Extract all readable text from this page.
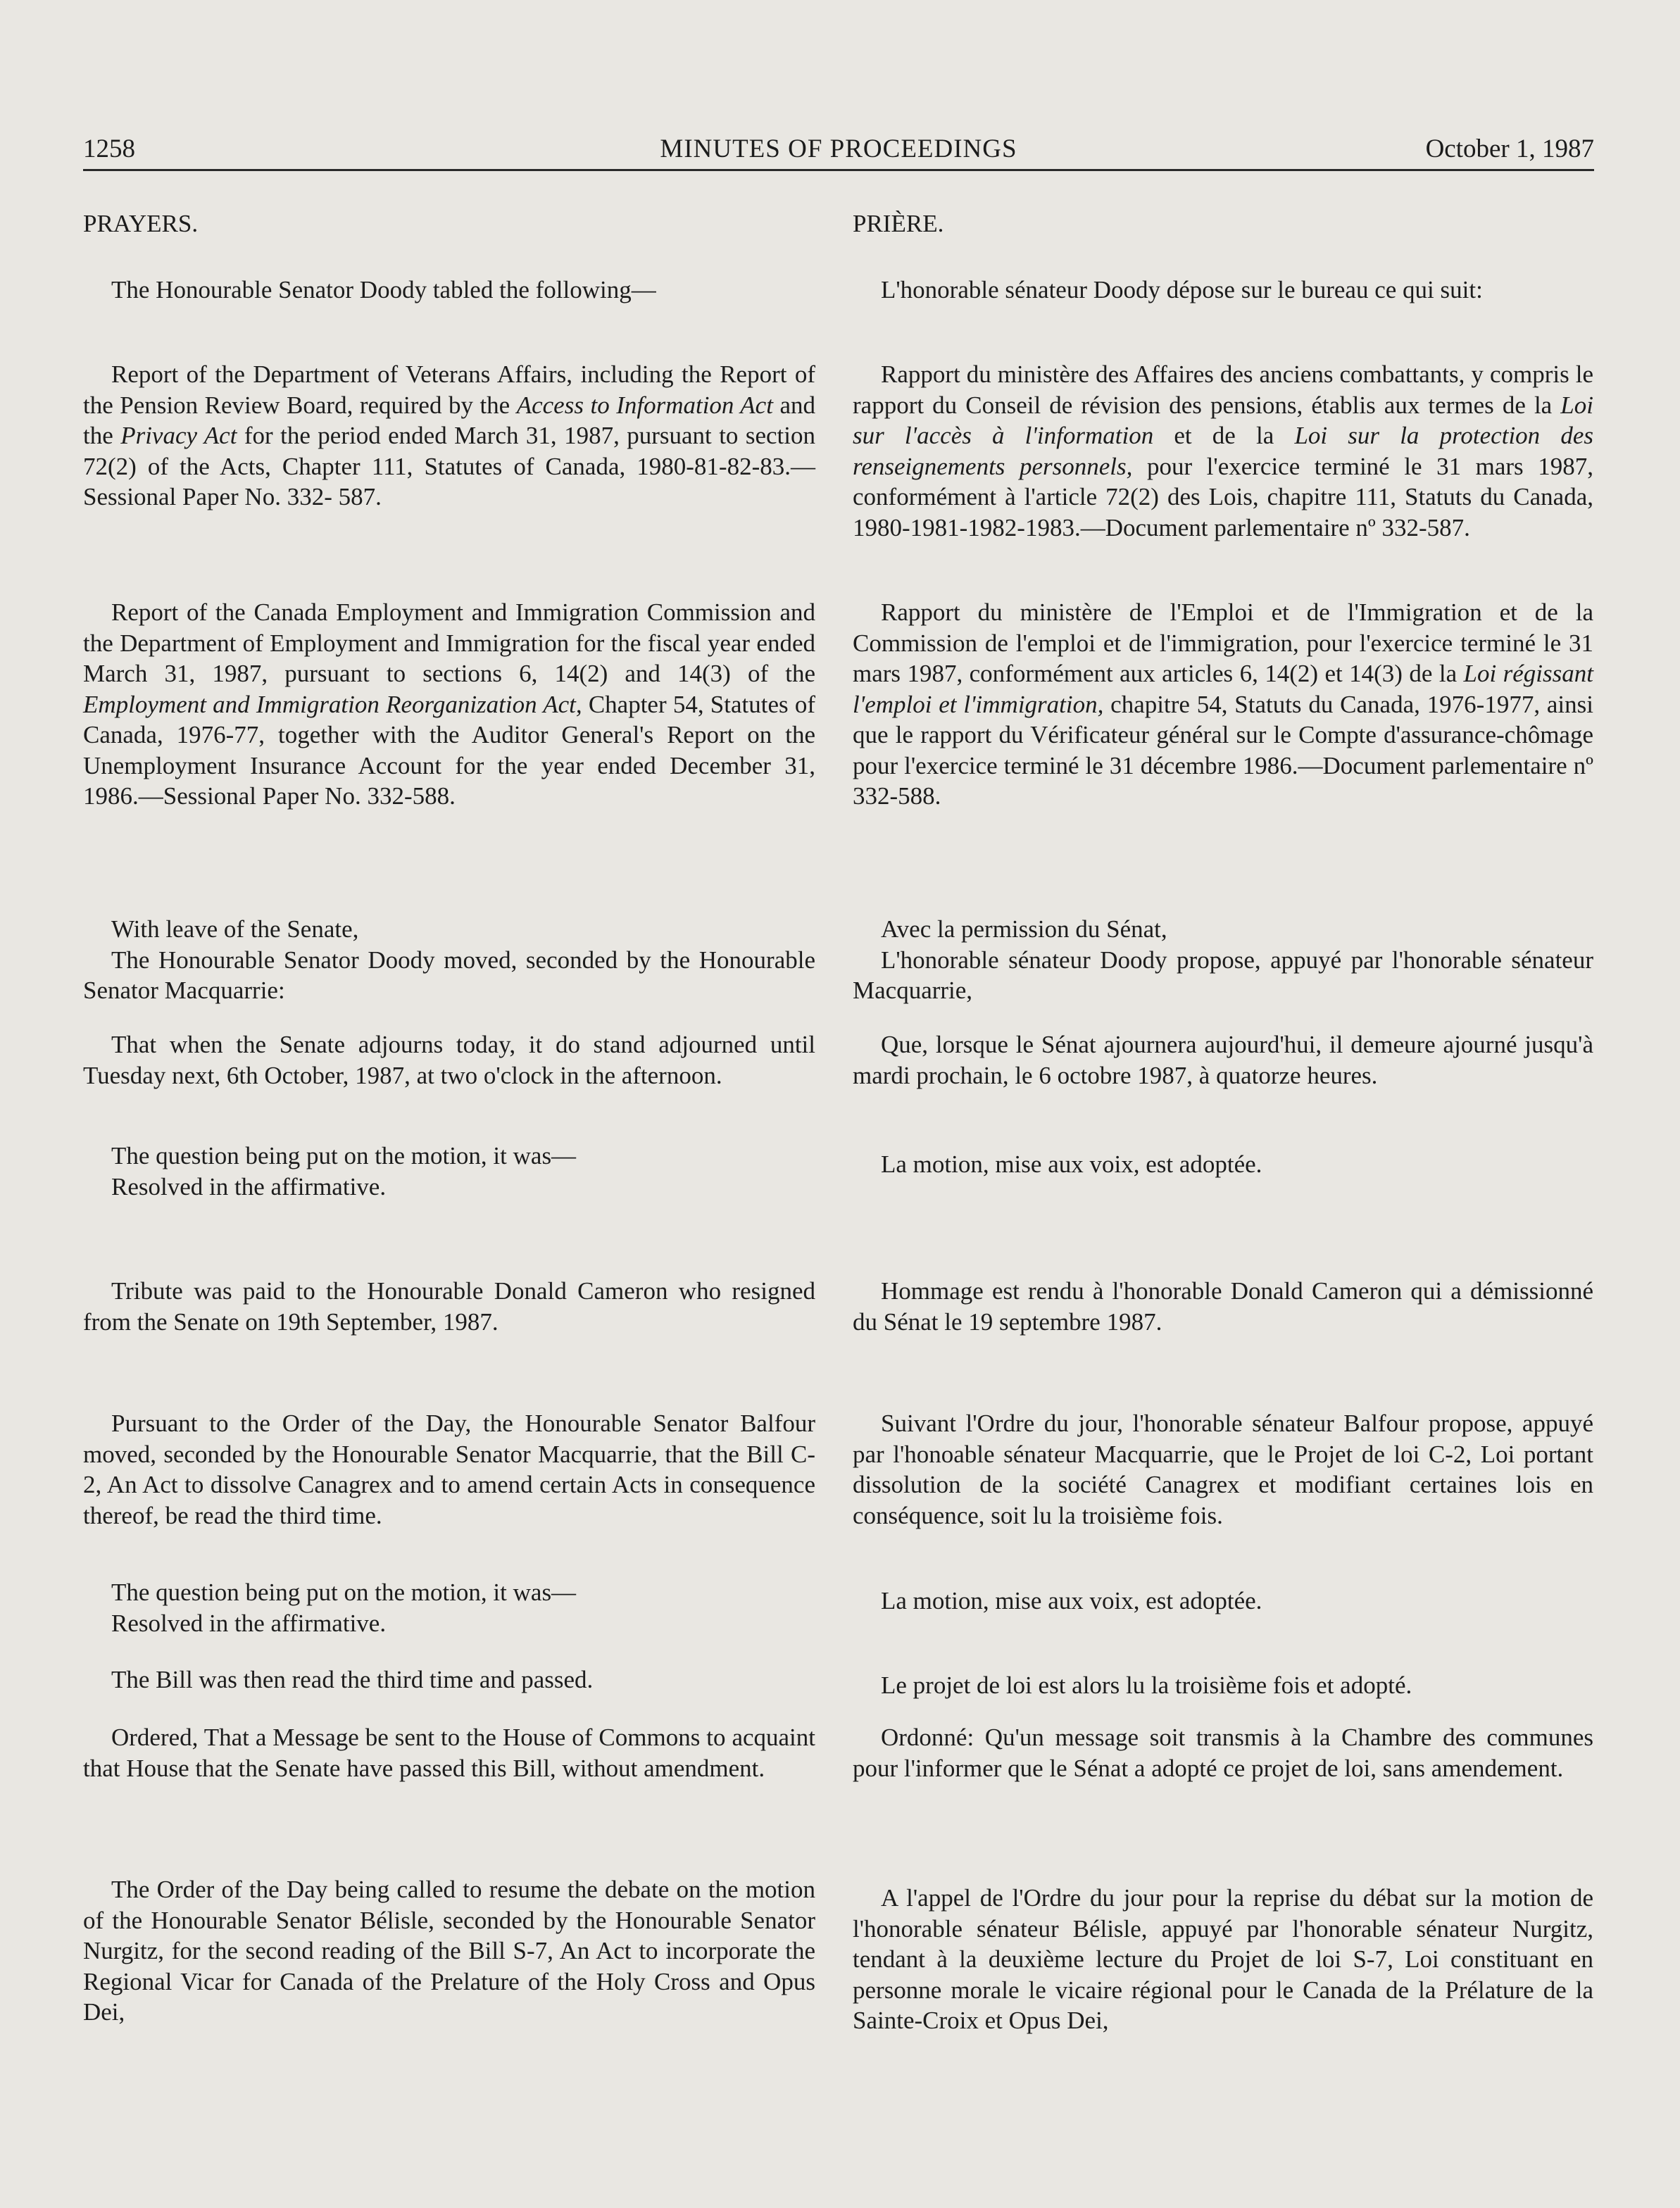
1258	MINUTES OF PROCEEDINGS	October 1, 1987

PRAYERS.

The Honourable Senator Doody tabled the following—

Report of the Department of Veterans Affairs, including the Report of the Pension Review Board, required by the Access to Information Act and the Privacy Act for the period ended March 31, 1987, pursuant to section 72(2) of the Acts, Chapter 111, Statutes of Canada, 1980-81-82-83.—Sessional Paper No. 332- 587.

Report of the Canada Employment and Immigration Commission and the Department of Employment and Immigration for the fiscal year ended March 31, 1987, pursuant to sections 6, 14(2) and 14(3) of the Employment and Immigration Reorganization Act, Chapter 54, Statutes of Canada, 1976-77, together with the Auditor General's Report on the Unemployment Insurance Account for the year ended December 31, 1986.—Sessional Paper No. 332-588.

With leave of the Senate,
The Honourable Senator Doody moved, seconded by the Honourable Senator Macquarrie:

That when the Senate adjourns today, it do stand adjourned until Tuesday next, 6th October, 1987, at two o'clock in the afternoon.

The question being put on the motion, it was—
Resolved in the affirmative.

Tribute was paid to the Honourable Donald Cameron who resigned from the Senate on 19th September, 1987.

Pursuant to the Order of the Day, the Honourable Senator Balfour moved, seconded by the Honourable Senator Macquarrie, that the Bill C-2, An Act to dissolve Canagrex and to amend certain Acts in consequence thereof, be read the third time.

The question being put on the motion, it was—
Resolved in the affirmative.

The Bill was then read the third time and passed.

Ordered, That a Message be sent to the House of Commons to acquaint that House that the Senate have passed this Bill, without amendment.

The Order of the Day being called to resume the debate on the motion of the Honourable Senator Bélisle, seconded by the Honourable Senator Nurgitz, for the second reading of the Bill S-7, An Act to incorporate the Regional Vicar for Canada of the Prelature of the Holy Cross and Opus Dei,

PRIÈRE.

L'honorable sénateur Doody dépose sur le bureau ce qui suit:

Rapport du ministère des Affaires des anciens combattants, y compris le rapport du Conseil de révision des pensions, établis aux termes de la Loi sur l'accès à l'information et de la Loi sur la protection des renseignements personnels, pour l'exercice terminé le 31 mars 1987, conformément à l'article 72(2) des Lois, chapitre 111, Statuts du Canada, 1980-1981-1982-1983.—Document parlementaire nº 332-587.

Rapport du ministère de l'Emploi et de l'Immigration et de la Commission de l'emploi et de l'immigration, pour l'exercice terminé le 31 mars 1987, conformément aux articles 6, 14(2) et 14(3) de la Loi régissant l'emploi et l'immigration, chapitre 54, Statuts du Canada, 1976-1977, ainsi que le rapport du Vérificateur général sur le Compte d'assurance-chômage pour l'exercice terminé le 31 décembre 1986.—Document parlementaire nº 332-588.

Avec la permission du Sénat,
L'honorable sénateur Doody propose, appuyé par l'honorable sénateur Macquarrie,

Que, lorsque le Sénat ajournera aujourd'hui, il demeure ajourné jusqu'à mardi prochain, le 6 octobre 1987, à quatorze heures.

La motion, mise aux voix, est adoptée.

Hommage est rendu à l'honorable Donald Cameron qui a démissionné du Sénat le 19 septembre 1987.

Suivant l'Ordre du jour, l'honorable sénateur Balfour propose, appuyé par l'honoable sénateur Macquarrie, que le Projet de loi C-2, Loi portant dissolution de la société Canagrex et modifiant certaines lois en conséquence, soit lu la troisième fois.

La motion, mise aux voix, est adoptée.

Le projet de loi est alors lu la troisième fois et adopté.

Ordonné: Qu'un message soit transmis à la Chambre des communes pour l'informer que le Sénat a adopté ce projet de loi, sans amendement.

A l'appel de l'Ordre du jour pour la reprise du débat sur la motion de l'honorable sénateur Bélisle, appuyé par l'honorable sénateur Nurgitz, tendant à la deuxième lecture du Projet de loi S-7, Loi constituant en personne morale le vicaire régional pour le Canada de la Prélature de la Sainte-Croix et Opus Dei,
